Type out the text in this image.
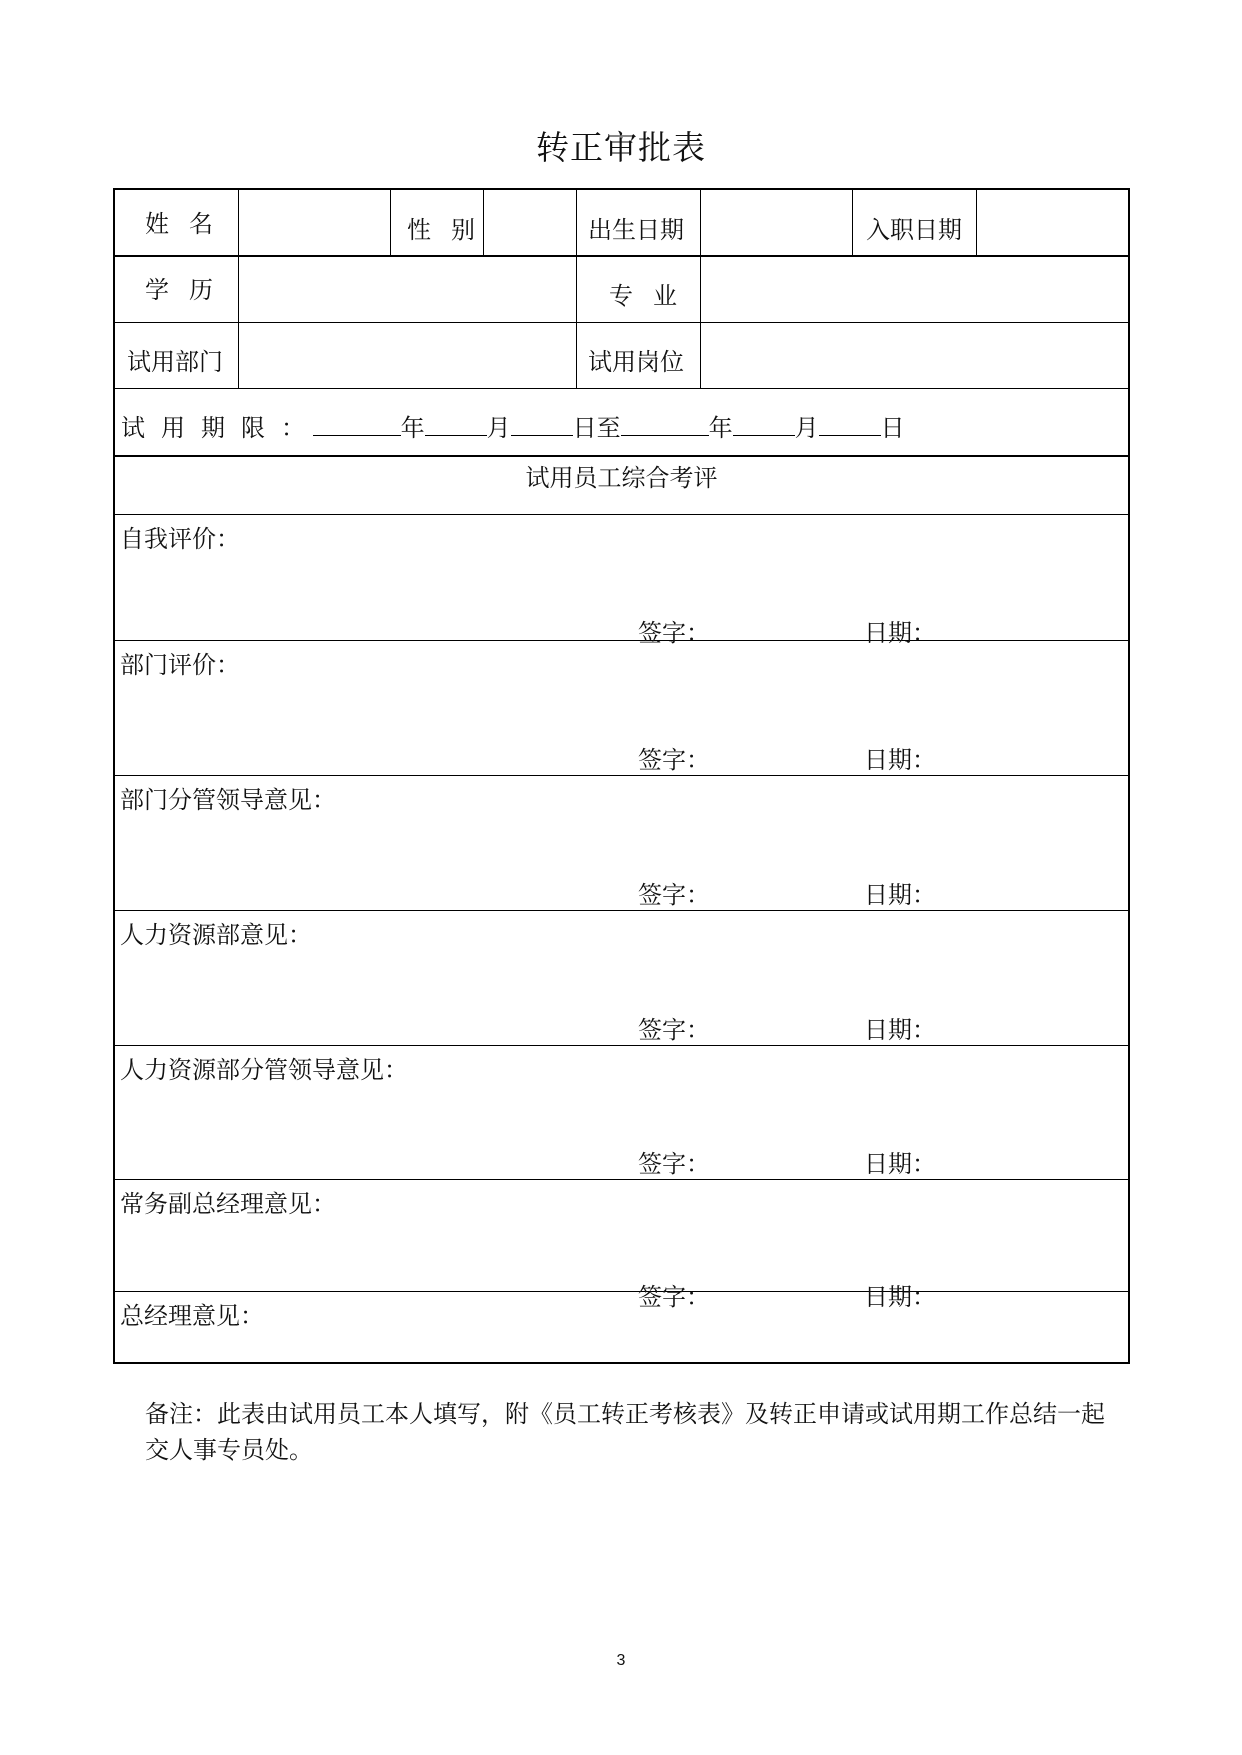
转正审批表
姓名	性别	出生日期	入职日期
学历	专业
试用部门	试用岗位
试用期限：	年	月	日至	年	月	日
试用员工综合考评
自我评价：
签字：	日期：
部门评价：
签字：	日期：
部门分管领导意见：
签字：	日期：
人力资源部意见：
签字：	日期：
人力资源部分管领导意见：
签字：	日期：
常务副总经理意见：
签字：	日期：
总经理意见：
备注：此表由试用员工本人填写，附《员工转正考核表》及转正申请或试用期工作总结一起交人事专员处。
3
